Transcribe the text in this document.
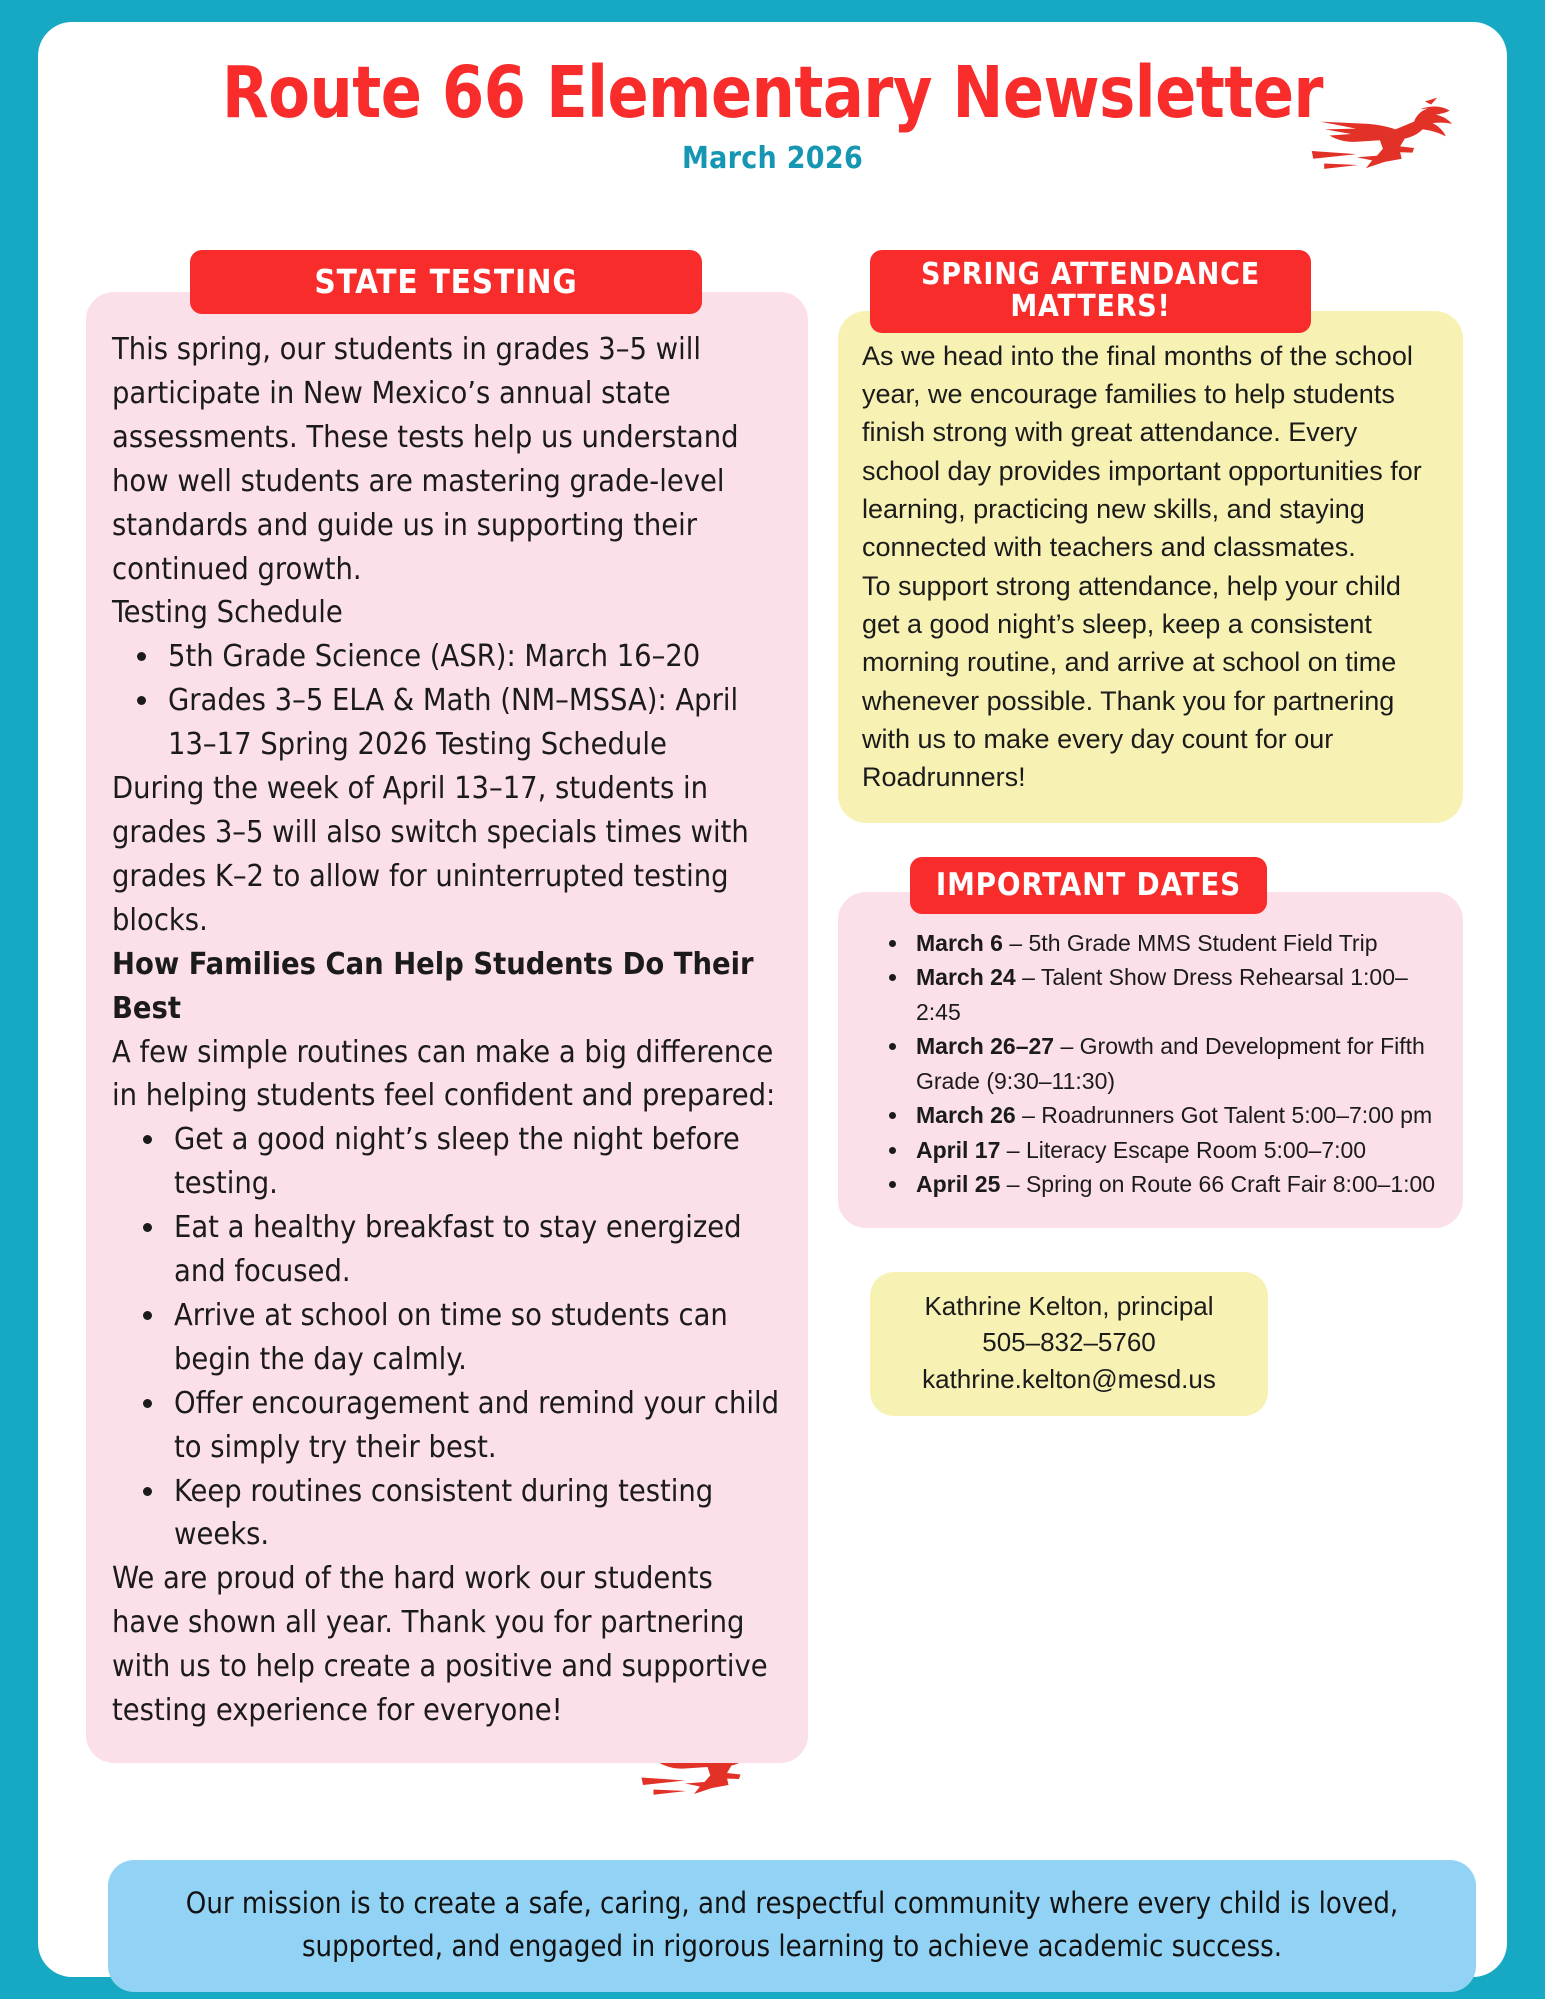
Route 66 Elementary Newsletter
March 2026
STATE TESTING

This spring, our students in grades 3–5 will participate in New Mexico’s annual state assessments. These tests help us understand how well students are mastering grade-level standards and guide us in supporting their continued growth.

Testing Schedule

• 5th Grade Science (ASR): March 16–20
• Grades 3–5 ELA & Math (NM–MSSA): April 13–17 Spring 2026 Testing Schedule

During the week of April 13–17, students in grades 3–5 will also switch specials times with grades K–2 to allow for uninterrupted testing blocks.

How Families Can Help Students Do Their Best

A few simple routines can make a big difference in helping students feel confident and prepared:

• Get a good night’s sleep the night before testing.
• Eat a healthy breakfast to stay energized and focused.
• Arrive at school on time so students can begin the day calmly.
• Offer encouragement and remind your child to simply try their best.
• Keep routines consistent during testing weeks.

We are proud of the hard work our students have shown all year. Thank you for partnering with us to help create a positive and supportive testing experience for everyone!

SPRING ATTENDANCE MATTERS!

As we head into the final months of the school year, we encourage families to help students finish strong with great attendance. Every school day provides important opportunities for learning, practicing new skills, and staying connected with teachers and classmates.

To support strong attendance, help your child get a good night’s sleep, keep a consistent morning routine, and arrive at school on time whenever possible. Thank you for partnering with us to make every day count for our Roadrunners!

IMPORTANT DATES
• March 6 – 5th Grade MMS Student Field Trip
• March 24 – Talent Show Dress Rehearsal 1:00–2:45
• March 26–27 – Growth and Development for Fifth Grade (9:30–11:30)
• March 26 – Roadrunners Got Talent 5:00–7:00 pm
• April 17 – Literacy Escape Room 5:00–7:00
• April 25 – Spring on Route 66 Craft Fair 8:00–1:00
Kathrine Kelton, principal
505–832–5760
kathrine.kelton@mesd.us
Our mission is to create a safe, caring, and respectful community where every child is loved, supported, and engaged in rigorous learning to achieve academic success.
